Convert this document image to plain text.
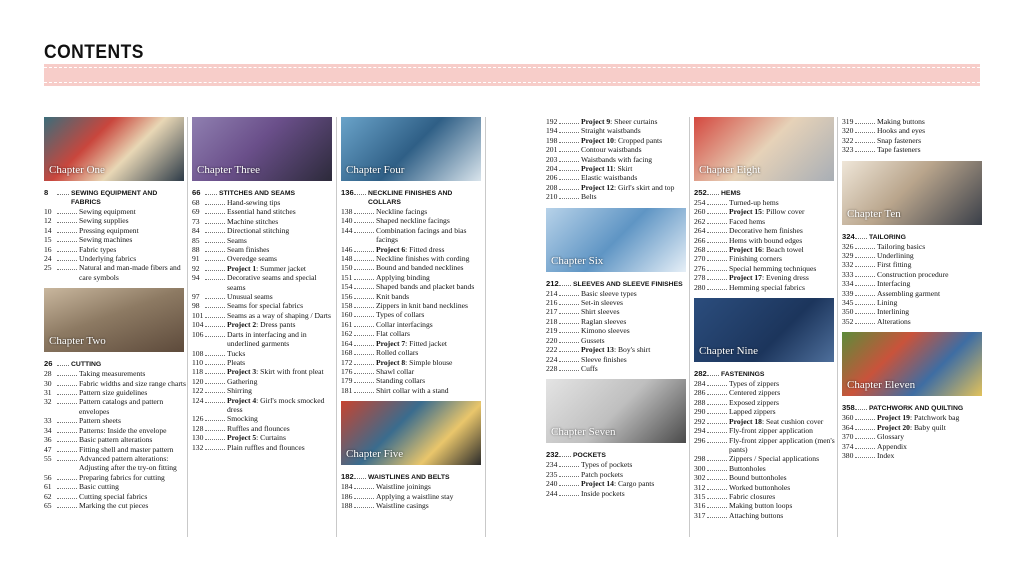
CONTENTS
Chapter One
8	SEWING EQUIPMENT AND FABRICS
10	Sewing equipment
12	Sewing supplies
14	Pressing equipment
15	Sewing machines
16	Fabric types
24	Underlying fabrics
25	Natural and man-made fibers and care symbols
Chapter Two
26	CUTTING
28	Taking measurements
30	Fabric widths and size range charts
31	Pattern size guidelines
32	Pattern catalogs and pattern envelopes
33	Pattern sheets
34	Patterns: Inside the envelope
36	Basic pattern alterations
47	Fitting shell and master pattern
55	Advanced pattern alterations: Adjusting after the try-on fitting
56	Preparing fabrics for cutting
61	Basic cutting
62	Cutting special fabrics
65	Marking the cut pieces
Chapter Three
66	STITCHES AND SEAMS
68	Hand-sewing tips
69	Essential hand stitches
73	Machine stitches
84	Directional stitching
85	Seams
88	Seam finishes
91	Overedge seams
92	Project 1: Summer jacket
94	Decorative seams and special seams
97	Unusual seams
98	Seams for special fabrics
101	Seams as a way of shaping / Darts
104	Project 2: Dress pants
106	Darts in interfacing and in underlined garments
108	Tucks
110	Pleats
118	Project 3: Skirt with front pleat
120	Gathering
122	Shirring
124	Project 4: Girl's mock smocked dress
126	Smocking
128	Ruffles and flounces
130	Project 5: Curtains
132	Plain ruffles and flounces
Chapter Four
136 NECKLINE FINISHES AND COLLARS
138	Neckline facings
140	Shaped neckline facings
144	Combination facings and bias facings
146	Project 6: Fitted dress
148	Neckline finishes with cording
150	Bound and banded necklines
151	Applying binding
154	Shaped bands and placket bands
156	Knit bands
158	Zippers in knit band necklines
160	Types of collars
161	Collar interfacings
162	Flat collars
164	Project 7: Fitted jacket
168	Rolled collars
172	Project 8: Simple blouse
176	Shawl collar
179	Standing collars
181	Shirt collar with a stand
Chapter Five
182 WAISTLINES AND BELTS
184	Waistline joinings
186	Applying a waistline stay
188	Waistline casings
192	Project 9: Sheer curtains
194	Straight waistbands
198	Project 10: Cropped pants
201	Contour waistbands
203	Waistbands with facing
204	Project 11: Skirt
206	Elastic waistbands
208	Project 12: Girl's skirt and top
210	Belts
Chapter Six
212 SLEEVES AND SLEEVE FINISHES
214	Basic sleeve types
216	Set-in sleeves
217	Shirt sleeves
218	Raglan sleeves
219	Kimono sleeves
220	Gussets
222	Project 13: Boy's shirt
224	Sleeve finishes
228	Cuffs
Chapter Seven
232 POCKETS
234	Types of pockets
235	Patch pockets
240	Project 14: Cargo pants
244	Inside pockets
Chapter Eight
252 HEMS
254	Turned-up hems
260	Project 15: Pillow cover
262	Faced hems
264	Decorative hem finishes
266	Hems with bound edges
268	Project 16: Beach towel
270	Finishing corners
276	Special hemming techniques
278	Project 17: Evening dress
280	Hemming special fabrics
Chapter Nine
282 FASTENINGS
284	Types of zippers
286	Centered zippers
288	Exposed zippers
290	Lapped zippers
292	Project 18: Seat cushion cover
294	Fly-front zipper application
296	Fly-front zipper application (men's pants)
298	Zippers / Special applications
300	Buttonholes
302	Bound buttonholes
312	Worked buttonholes
315	Fabric closures
316	Making button loops
317	Attaching buttons
319	Making buttons
320	Hooks and eyes
322	Snap fasteners
323	Tape fasteners
Chapter Ten
324 TAILORING
326	Tailoring basics
329	Underlining
332	First fitting
333	Construction procedure
334	Interfacing
339	Assembling garment
345	Lining
350	Interlining
352	Alterations
Chapter Eleven
358 PATCHWORK AND QUILTING
360	Project 19: Patchwork bag
364	Project 20: Baby quilt
370	Glossary
374	Appendix
380	Index
